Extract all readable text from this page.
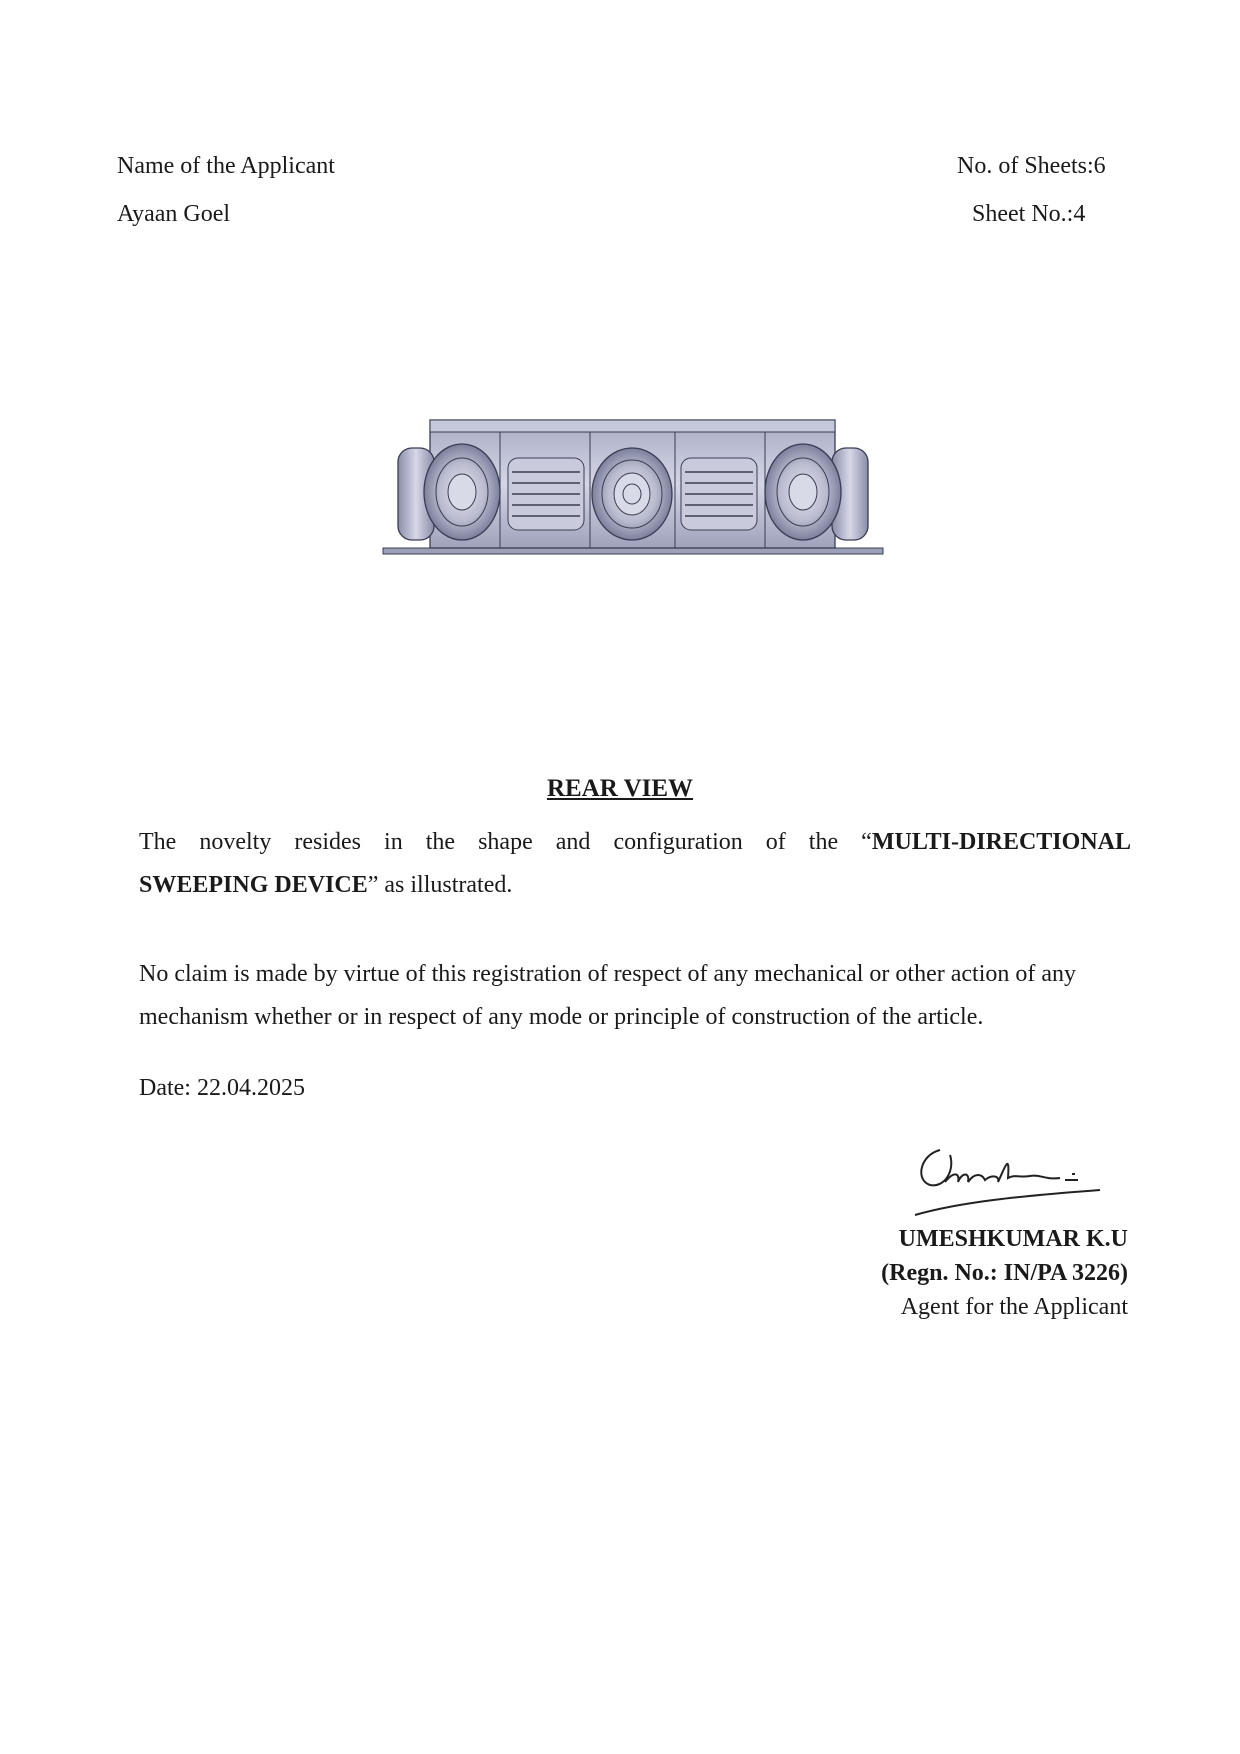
Name of the Applicant
Ayaan Goel
No. of Sheets:6
Sheet No.:4
REAR VIEW
The novelty resides in the shape and configuration of the “MULTI-DIRECTIONAL
SWEEPING DEVICE” as illustrated.
No claim is made by virtue of this registration of respect of any mechanical or other action of any mechanism whether or in respect of any mode or principle of construction of the article.
Date: 22.04.2025
UMESHKUMAR K.U
(Regn. No.: IN/PA 3226)
Agent for the Applicant
